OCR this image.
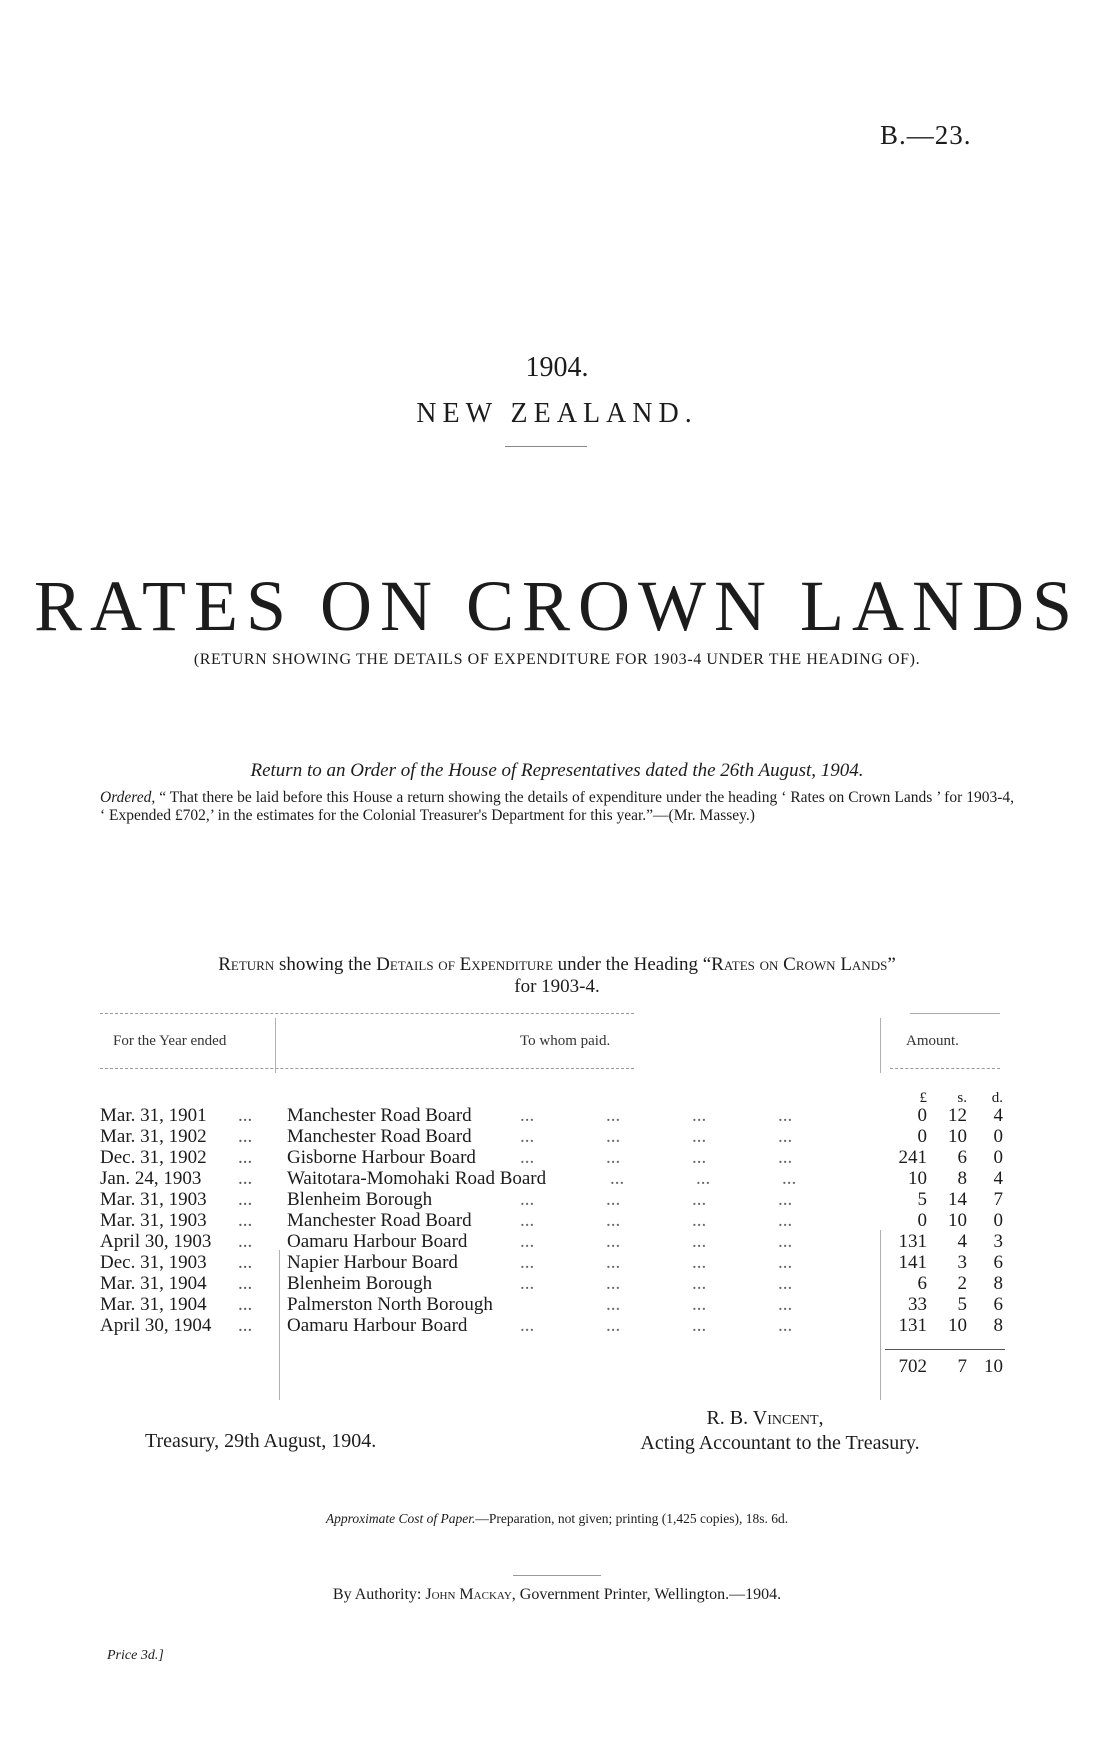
B.—23.
1904.
NEW ZEALAND.
RATES ON CROWN LANDS
(RETURN SHOWING THE DETAILS OF EXPENDITURE FOR 1903-4 UNDER THE HEADING OF).
Return to an Order of the House of Representatives dated the 26th August, 1904.
Ordered, “ That there be laid before this House a return showing the details of expenditure under the heading ‘ Rates on Crown Lands ’ for 1903-4, ‘ Expended £702,’ in the estimates for the Colonial Treasurer's Department for this year.”—(Mr. Massey.)
Return showing the Details of Expenditure under the Heading “Rates on Crown Lands”
for 1903-4.
For the Year ended	To whom paid.	Amount.
£	s.	d.
Mar. 31, 1901	...	Manchester Road Board	...	...	...	...	0	12	4
Mar. 31, 1902	...	Manchester Road Board	...	...	...	...	0	10	0
Dec. 31, 1902	...	Gisborne Harbour Board	...	...	...	...	241	6	0
Jan. 24, 1903	...	Waitotara-Momohaki Road Board	...	...	...	10	8	4
Mar. 31, 1903	...	Blenheim Borough	...	...	...	...	5	14	7
Mar. 31, 1903	...	Manchester Road Board	...	...	...	...	0	10	0
April 30, 1903	...	Oamaru Harbour Board	...	...	...	...	131	4	3
Dec. 31, 1903	...	Napier Harbour Board	...	...	...	...	141	3	6
Mar. 31, 1904	...	Blenheim Borough	...	...	...	...	6	2	8
Mar. 31, 1904	...	Palmerston North Borough	...	...	...	33	5	6
April 30, 1904	...	Oamaru Harbour Board	...	...	...	...	131	10	8
702	7 10
Treasury, 29th August, 1904.
R. B. Vincent,
Acting Accountant to the Treasury.
Approximate Cost of Paper.—Preparation, not given; printing (1,425 copies), 18s. 6d.
By Authority: John Mackay, Government Printer, Wellington.—1904.
Price 3d.]
